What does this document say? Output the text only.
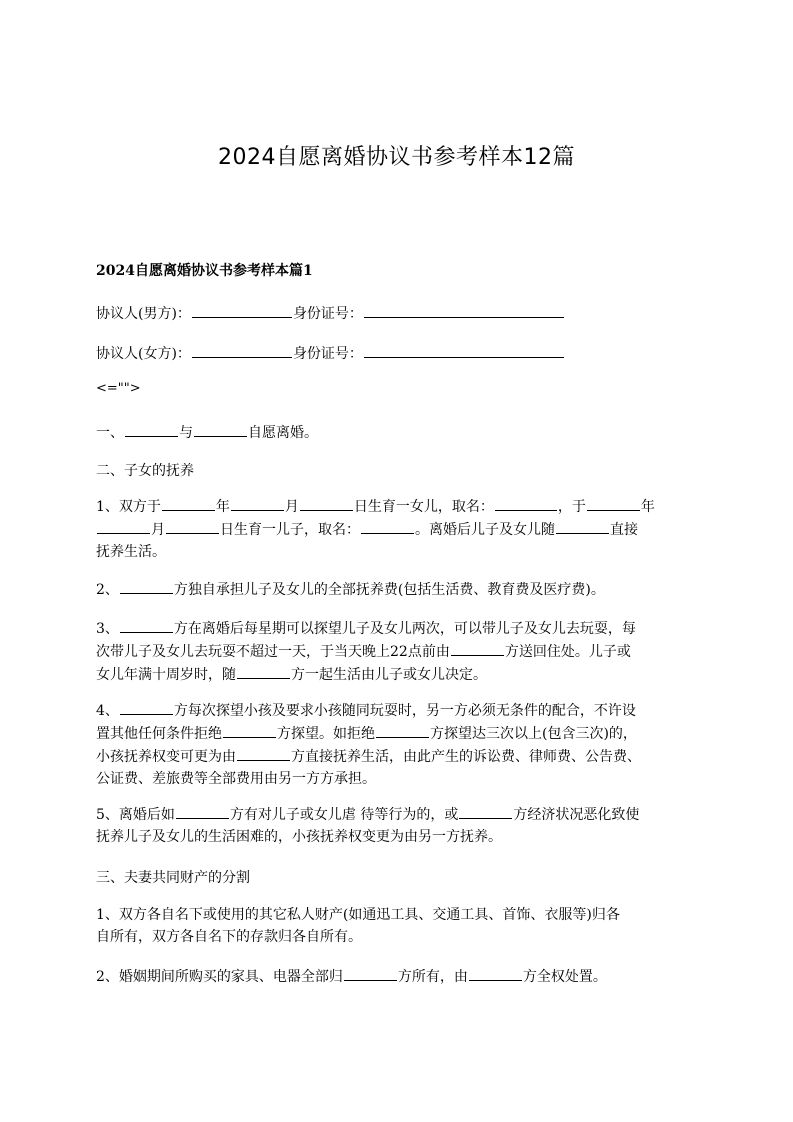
2024自愿离婚协议书参考样本12篇
2024自愿离婚协议书参考样本篇1
协议人(男方)：	身份证号：
协议人(女方)：	身份证号：
<="">
一、	与	自愿离婚。
二、子女的抚养
1、双方于	年	月	日生育一女儿，取名：	，于	年
月	日生育一儿子，取名：	。离婚后儿子及女儿随	直接
抚养生活。
2、	方独自承担儿子及女儿的全部抚养费(包括生活费、教育费及医疗费)。
3、	方在离婚后每星期可以探望儿子及女儿两次，可以带儿子及女儿去玩耍，每
次带儿子及女儿去玩耍不超过一天，于当天晚上22点前由	方送回住处。儿子或
女儿年满十周岁时，随	方一起生活由儿子或女儿决定。
4、	方每次探望小孩及要求小孩随同玩耍时，另一方必须无条件的配合，不许设
置其他任何条件拒绝	方探望。如拒绝	方探望达三次以上(包含三次)的，
小孩抚养权变可更为由	方直接抚养生活，由此产生的诉讼费、律师费、公告费、
公证费、差旅费等全部费用由另一方方承担。
5、离婚后如	方有对儿子或女儿虐 待等行为的，或	方经济状况恶化致使
抚养儿子及女儿的生活困难的，小孩抚养权变更为由另一方抚养。
三、夫妻共同财产的分割
1、双方各自名下或使用的其它私人财产(如通迅工具、交通工具、首饰、衣服等)归各
自所有，双方各自名下的存款归各自所有。
2、婚姻期间所购买的家具、电器全部归	方所有，由	方全权处置。
